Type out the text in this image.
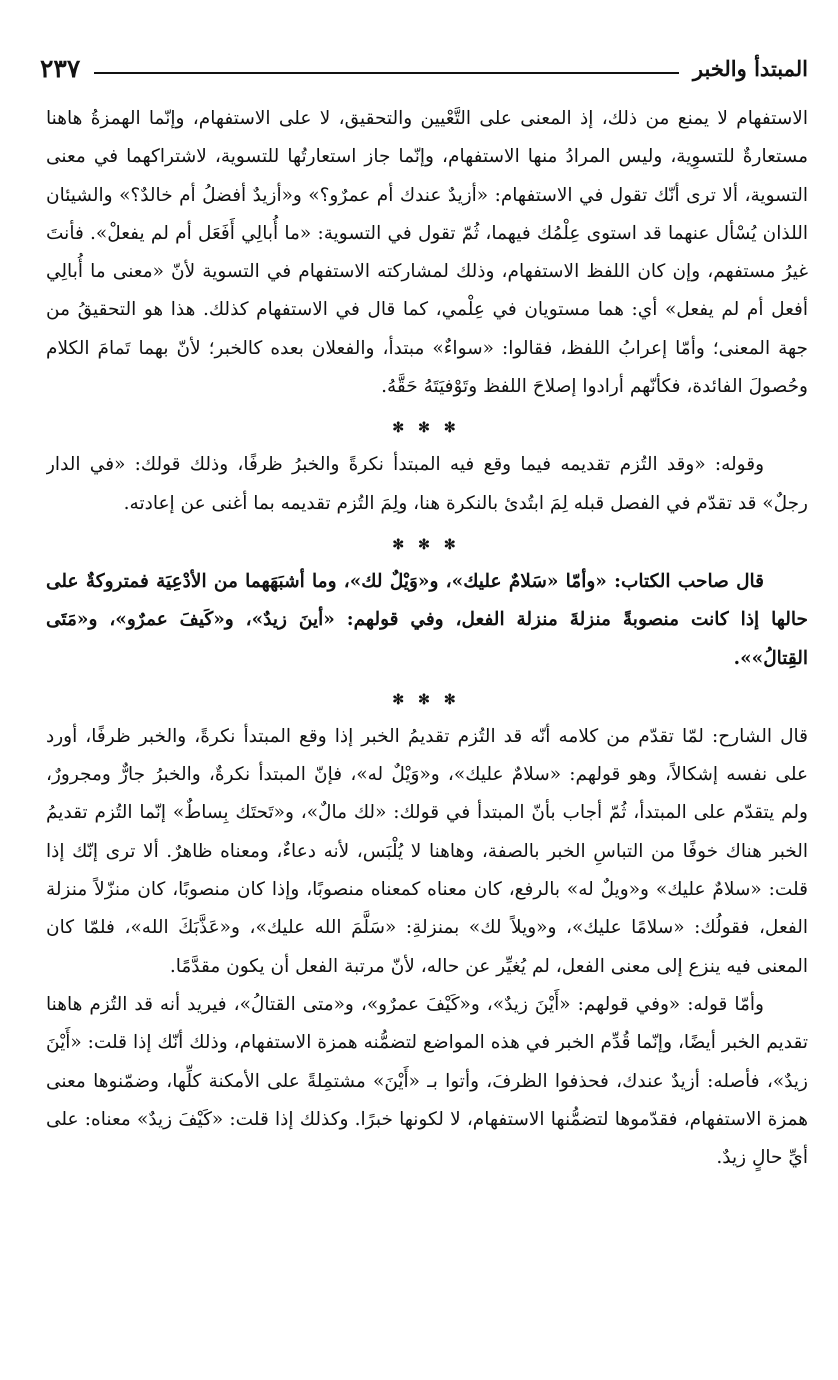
المبتدأ والخبر
٢٣٧

الاستفهام لا يمنع من ذلك، إذ المعنى على التَّعْيين والتحقيق، لا على الاستفهام، وإنّما الهمزةُ هاهنا مستعارةٌ للتسوِية، وليس المرادُ منها الاستفهام، وإنّما جاز استعارتُها للتسوية، لاشتراكهما في معنى التسوية، ألا ترى أنّك تقول في الاستفهام: «أزيدٌ عندك أم عمرٌو؟» و«أزيدٌ أفضلُ أم خالدٌ؟» والشيئان اللذان يُسْأل عنهما قد استوى عِلْمُك فيهما، ثُمّ تقول في التسوية: «ما أُبالِي أَفَعَل أم لم يفعلْ». فأنتَ غيرُ مستفهم، وإن كان اللفظ الاستفهام، وذلك لمشاركته الاستفهام في التسوية لأنّ «معنى ما أُبالِي أفعل أم لم يفعل» أي: هما مستويان في عِلْمي، كما قال في الاستفهام كذلك. هذا هو التحقيقُ من جهة المعنى؛ وأمّا إعرابُ اللفظ، فقالوا: «سواءٌ» مبتدأ، والفعلان بعده كالخبر؛ لأنّ بهما تَمامَ الكلام وحُصولَ الفائدة، فكأنّهم أرادوا إصلاحَ اللفظ وتَوْفيَتَهُ حَقَّهُ.

✻ ✻ ✻

وقوله: «وقد التُزم تقديمه فيما وقع فيه المبتدأ نكرةً والخبرُ ظرفًا، وذلك قولك: «في الدار رجلٌ» قد تقدّم في الفصل قبله لِمَ ابتُدئ بالنكرة هنا، ولِمَ التُزم تقديمه بما أغنى عن إعادته.

✻ ✻ ✻

قال صاحب الكتاب: «وأمّا «سَلامٌ عليك»، و«وَيْلٌ لك»، وما أشبَهَهما من الأدْعِيَة فمتروكةٌ على حالها إذا كانت منصوبةً منزلةَ منزلة الفعل، وفي قولهم: «أينَ زيدٌ»، و«كَيفَ عمرٌو»، و«مَتَى القِتالُ»».

✻ ✻ ✻

قال الشارح: لمّا تقدّم من كلامه أنّه قد التُزم تقديمُ الخبر إذا وقع المبتدأ نكرةً، والخبر ظرفًا، أورد على نفسه إشكالاً، وهو قولهم: «سلامٌ عليك»، و«وَيْلٌ له»، فإنّ المبتدأ نكرةٌ، والخبرُ جارٌّ ومجرورٌ، ولم يتقدّم على المبتدأ، ثُمّ أجاب بأنّ المبتدأ في قولك: «لك مالٌ»، و«تَحتَك بِساطٌ» إنّما التُزم تقديمُ الخبر هناك خوفًا من التباسِ الخبر بالصفة، وهاهنا لا يُلْبَس، لأنه دعاءٌ، ومعناه ظاهرٌ. ألا ترى إنّك إذا قلت: «سلامٌ عليك» و«ويلٌ له» بالرفع، كان معناه كمعناه منصوبًا، وإذا كان منصوبًا، كان منزّلاً منزلة الفعل، فقولُك: «سلامًا عليك»، و«ويلاً لك» بمنزلةِ: «سَلَّمَ الله عليك»، و«عَذَّبَكَ الله»، فلمّا كان المعنى فيه ينزع إلى معنى الفعل، لم يُغيِّر عن حاله، لأنّ مرتبة الفعل أن يكون مقدَّمًا.

وأمّا قوله: «وفي قولهم: «أَيْنَ زيدٌ»، و«كَيْفَ عمرٌو»، و«متى القتالُ»، فيريد أنه قد التُزم هاهنا تقديم الخبر أيضًا، وإنّما قُدِّم الخبر في هذه المواضع لتضمُّنه همزة الاستفهام، وذلك أنّك إذا قلت: «أَيْنَ زيدٌ»، فأصله: أزيدٌ عندك، فحذفوا الظرفَ، وأتوا بـ «أَيْنَ» مشتمِلةً على الأمكنة كلِّها، وضمّنوها معنى همزة الاستفهام، فقدّموها لتضمُّنها الاستفهام، لا لكونها خبرًا. وكذلك إذا قلت: «كَيْفَ زيدٌ» معناه: على أيِّ حالٍ زيدٌ.
